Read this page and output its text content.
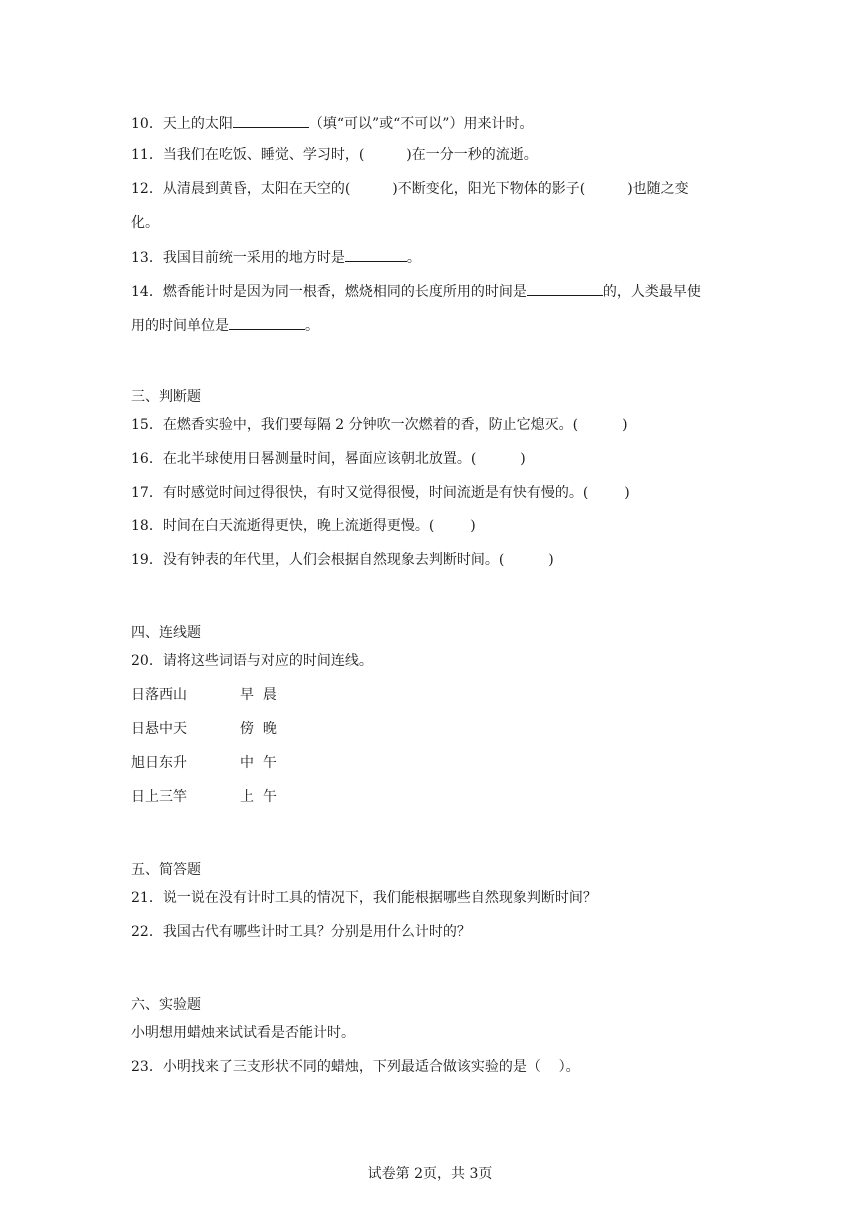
10．天上的太阳	（填“可以”或“不可以”）用来计时。
11．当我们在吃饭、睡觉、学习时，(	)在一分一秒的流逝。
12．从清晨到黄昏，太阳在天空的(	)不断变化，阳光下物体的影子(	)也随之变
化。
13．我国目前统一采用的地方时是	。
14．燃香能计时是因为同一根香，燃烧相同的长度所用的时间是	的，人类最早使
用的时间单位是	。
三、判断题
15．在燃香实验中，我们要每隔 2 分钟吹一次燃着的香，防止它熄灭。(	)
16．在北半球使用日晷测量时间，晷面应该朝北放置。(	)
17．有时感觉时间过得很快，有时又觉得很慢，时间流逝是有快有慢的。(	)
18．时间在白天流逝得更快，晚上流逝得更慢。(	)
19．没有钟表的年代里，人们会根据自然现象去判断时间。(	)
四、连线题
20．请将这些词语与对应的时间连线。
日落西山	早  晨
日悬中天	傍  晚
旭日东升	中  午
日上三竿	上  午
五、简答题
21．说一说在没有计时工具的情况下，我们能根据哪些自然现象判断时间？
22．我国古代有哪些计时工具？分别是用什么计时的？
六、实验题
小明想用蜡烛来试试看是否能计时。
23．小明找来了三支形状不同的蜡烛，下列最适合做该实验的是（    ）。
试卷第 2页，共 3页
